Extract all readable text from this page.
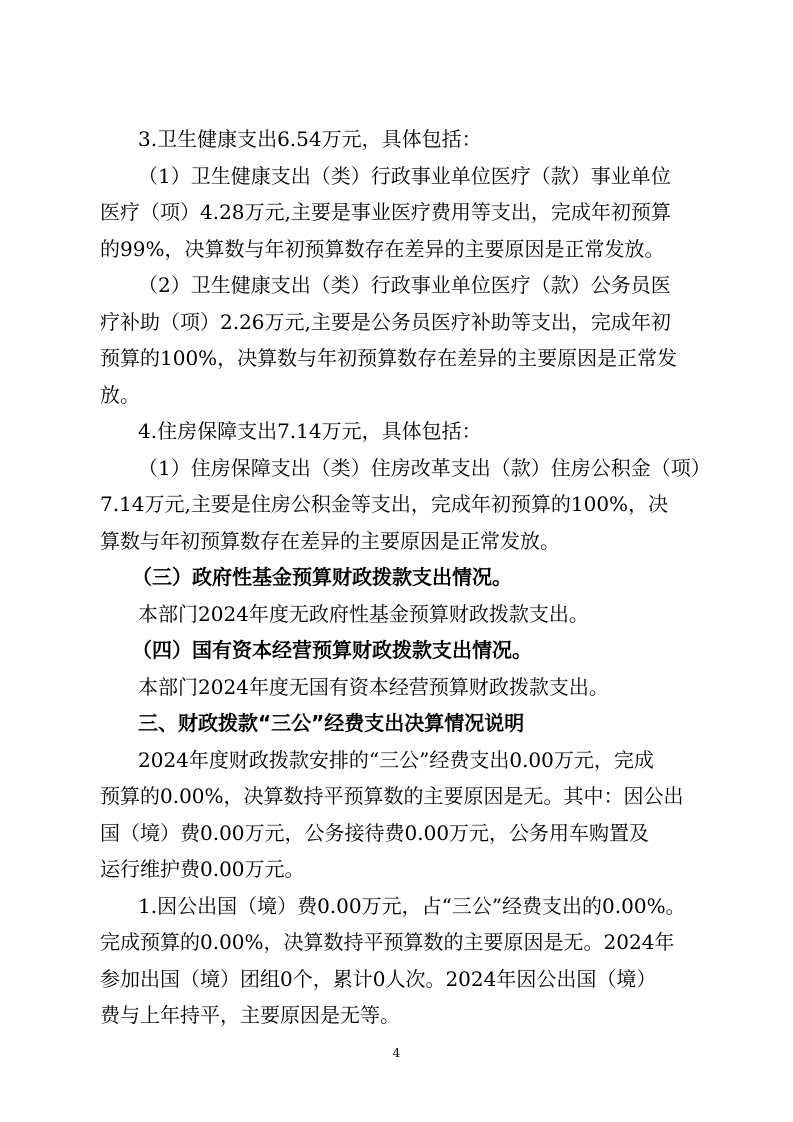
3.卫生健康支出6.54万元，具体包括：
（1）卫生健康支出（类）行政事业单位医疗（款）事业单位
医疗（项）4.28万元,主要是事业医疗费用等支出，完成年初预算
的99%，决算数与年初预算数存在差异的主要原因是正常发放。
（2）卫生健康支出（类）行政事业单位医疗（款）公务员医
疗补助（项）2.26万元,主要是公务员医疗补助等支出，完成年初
预算的100%，决算数与年初预算数存在差异的主要原因是正常发
放。
4.住房保障支出7.14万元，具体包括：
（1）住房保障支出（类）住房改革支出（款）住房公积金（项）
7.14万元,主要是住房公积金等支出，完成年初预算的100%，决
算数与年初预算数存在差异的主要原因是正常发放。
（三）政府性基金预算财政拨款支出情况。
本部门2024年度无政府性基金预算财政拨款支出。
（四）国有资本经营预算财政拨款支出情况。
本部门2024年度无国有资本经营预算财政拨款支出。
三、财政拨款“三公”经费支出决算情况说明
2024年度财政拨款安排的“三公”经费支出0.00万元，完成
预算的0.00%，决算数持平预算数的主要原因是无。其中：因公出
国（境）费0.00万元，公务接待费0.00万元，公务用车购置及
运行维护费0.00万元。
1.因公出国（境）费0.00万元，占“三公”经费支出的0.00%。
完成预算的0.00%，决算数持平预算数的主要原因是无。2024年
参加出国（境）团组0个，累计0人次。2024年因公出国（境）
费与上年持平，主要原因是无等。
4
